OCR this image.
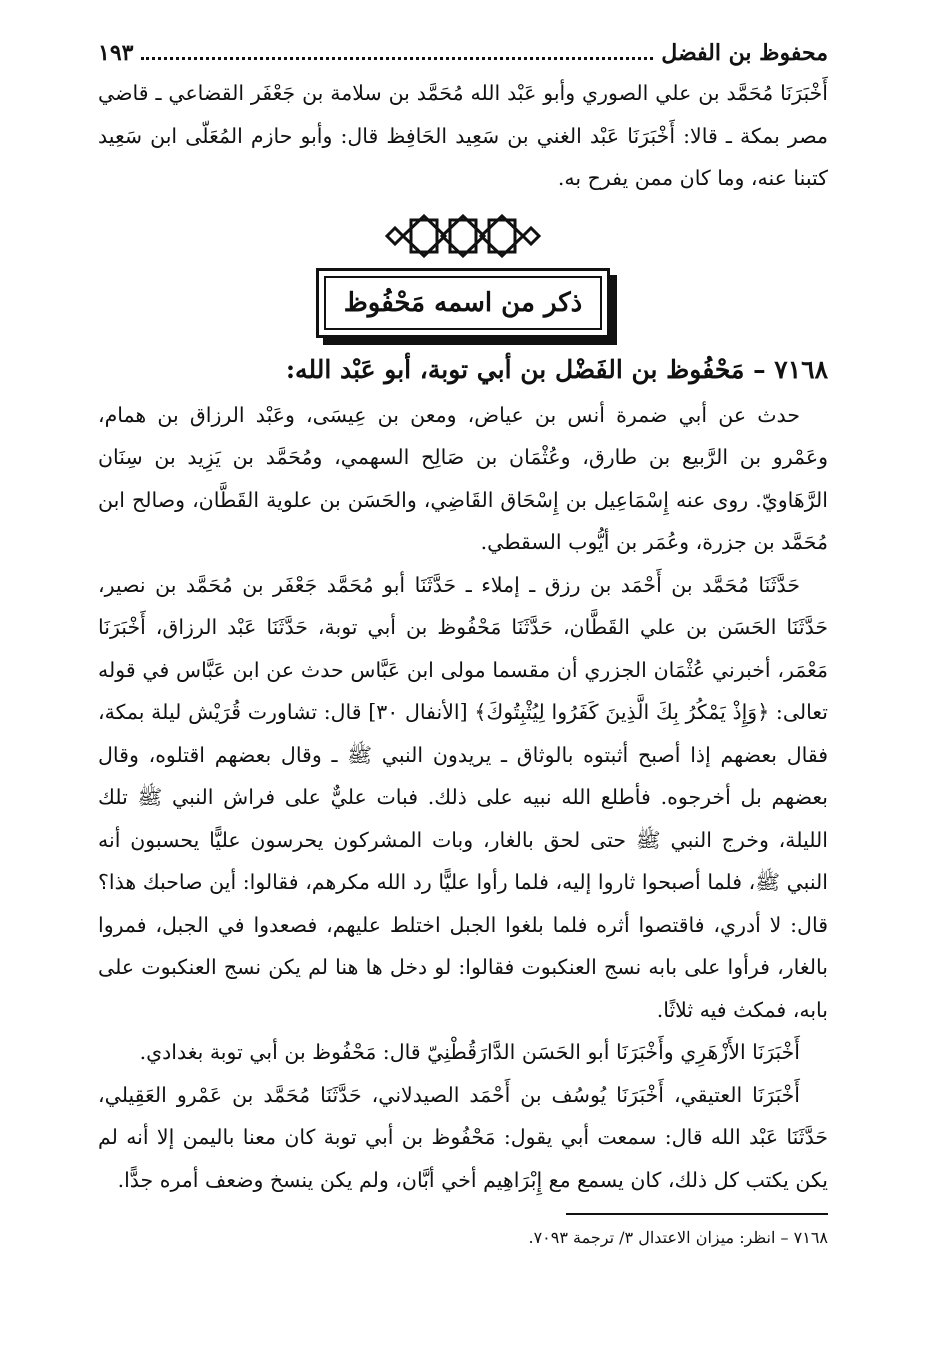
محفوظ بن الفضل
١٩٣

أَخْبَرَنَا مُحَمَّد بن علي الصوري وأبو عَبْد الله مُحَمَّد بن سلامة بن جَعْفَر القضاعي ـ قاضي مصر بمكة ـ قالا: أَخْبَرَنَا عَبْد الغني بن سَعِيد الحَافِظ قال: وأبو حازم المُعَلّى ابن سَعِيد كتبنا عنه، وما كان ممن يفرح به.

ذكر من اسمه مَحْفُوظ
٧١٦٨ – مَحْفُوظ بن الفَضْل بن أبي توبة، أبو عَبْد الله:

حدث عن أبي ضمرة أنس بن عياض، ومعن بن عِيسَى، وعَبْد الرزاق بن همام، وعَمْرو بن الرَّبيع بن طارق، وعُثْمَان بن صَالِح السهمي، ومُحَمَّد بن يَزِيد بن سِنَان الرَّهَاويّ. روى عنه إِسْمَاعِيل بن إِسْحَاق القَاضِي، والحَسَن بن علوية القَطَّان، وصالح ابن مُحَمَّد بن جزرة، وعُمَر بن أيُّوب السقطي.

حَدَّثَنَا مُحَمَّد بن أَحْمَد بن رزق ـ إملاء ـ حَدَّثَنَا أبو مُحَمَّد جَعْفَر بن مُحَمَّد بن نصير، حَدَّثَنَا الحَسَن بن علي القَطَّان، حَدَّثَنَا مَحْفُوظ بن أبي توبة، حَدَّثَنَا عَبْد الرزاق، أَخْبَرَنَا مَعْمَر، أخبرني عُثْمَان الجزري أن مقسما مولى ابن عَبَّاس حدث عن ابن عَبَّاس في قوله تعالى: ﴿وَإِذْ يَمْكُرُ بِكَ الَّذِينَ كَفَرُوا لِيُثْبِتُوكَ﴾ [الأنفال ٣٠] قال: تشاورت قُرَيْش ليلة بمكة، فقال بعضهم إذا أصبح أثبتوه بالوثاق ـ يريدون النبي ﷺ ـ وقال بعضهم اقتلوه، وقال بعضهم بل أخرجوه. فأطلع الله نبيه على ذلك. فبات عليٌّ على فراش النبي ﷺ تلك الليلة، وخرج النبي ﷺ حتى لحق بالغار، وبات المشركون يحرسون عليًّا يحسبون أنه النبي ﷺ، فلما أصبحوا ثاروا إليه، فلما رأوا عليًّا رد الله مكرهم، فقالوا: أين صاحبك هذا؟ قال: لا أدري، فاقتصوا أثره فلما بلغوا الجبل اختلط عليهم، فصعدوا في الجبل، فمروا بالغار، فرأوا على بابه نسج العنكبوت فقالوا: لو دخل ها هنا لم يكن نسج العنكبوت على بابه، فمكث فيه ثلاثًا.

أَخْبَرَنَا الأَزْهَرِي وأَخْبَرَنَا أبو الحَسَن الدَّارَقُطْنِيّ قال: مَحْفُوظ بن أبي توبة بغدادي.

أَخْبَرَنَا العتيقي، أَخْبَرَنَا يُوسُف بن أَحْمَد الصيدلاني، حَدَّثَنَا مُحَمَّد بن عَمْرو العَقِيلي، حَدَّثَنَا عَبْد الله قال: سمعت أبي يقول: مَحْفُوظ بن أبي توبة كان معنا باليمن إلا أنه لم يكن يكتب كل ذلك، كان يسمع مع إِبْرَاهِيم أخي أبَّان، ولم يكن ينسخ وضعف أمره جدًّا.

٧١٦٨ – انظر: ميزان الاعتدال ٣/ ترجمة ٧٠٩٣.
